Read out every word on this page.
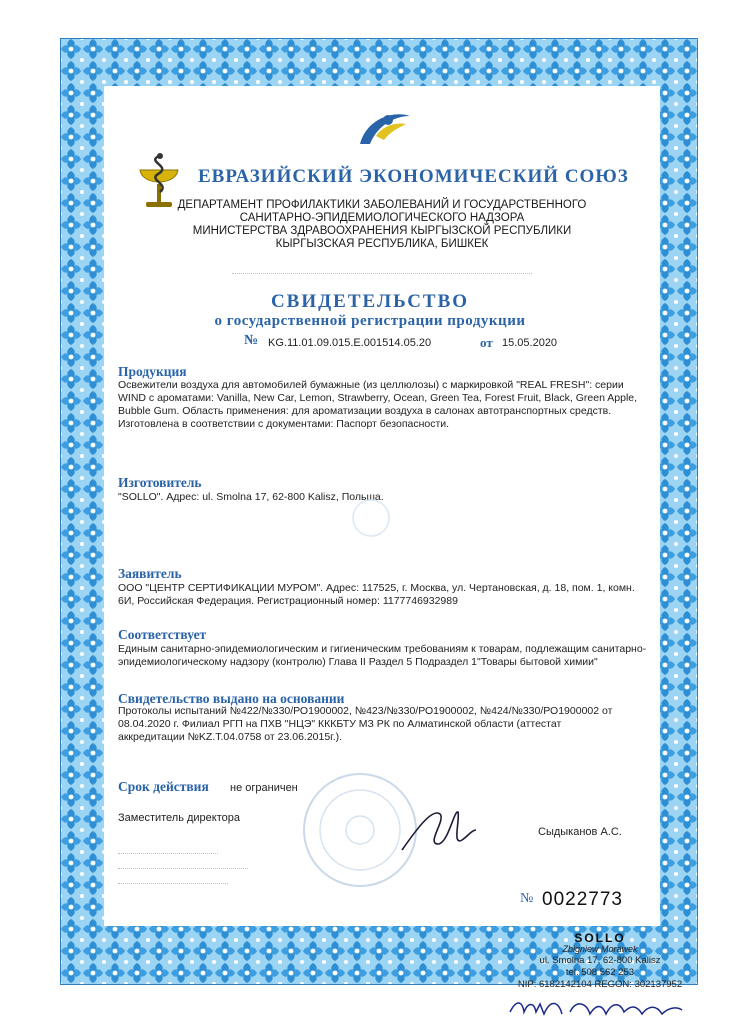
ЕВРАЗИЙСКИЙ ЭКОНОМИЧЕСКИЙ СОЮЗ
ДЕПАРТАМЕНТ ПРОФИЛАКТИКИ ЗАБОЛЕВАНИЙ И ГОСУДАРСТВЕННОГО
САНИТАРНО-ЭПИДЕМИОЛОГИЧЕСКОГО НАДЗОРА
МИНИСТЕРСТВА ЗДРАВООХРАНЕНИЯ КЫРГЫЗСКОЙ РЕСПУБЛИКИ
КЫРГЫЗСКАЯ РЕСПУБЛИКА, БИШКЕК
СВИДЕТЕЛЬСТВО
о государственной регистрации продукции
№ KG.11.01.09.015.Е.001514.05.20	от 15.05.2020
Продукция
Освежители воздуха для автомобилей бумажные (из целлюлозы) с маркировкой "REAL FRESH": серии WIND с ароматами: Vanilla, New Car, Lemon, Strawberry, Ocean, Green Tea, Forest Fruit, Black, Green Apple, Bubble Gum. Область применения: для ароматизации воздуха в салонах автотранспортных средств. Изготовлена в соответствии с документами: Паспорт безопасности.
Изготовитель
"SOLLO". Адрес: ul. Smolna 17, 62-800 Kalisz, Польша.
Заявитель
ООО "ЦЕНТР СЕРТИФИКАЦИИ МУРОМ". Адрес: 117525, г. Москва, ул. Чертановская, д. 18, пом. 1, комн. 6И, Российская Федерация. Регистрационный номер: 1177746932989
Соответствует
Единым санитарно-эпидемиологическим и гигиеническим требованиям к товарам, подлежащим санитарно-эпидемиологическому надзору (контролю) Глава II Раздел 5 Подраздел 1"Товары бытовой химии"
Свидетельство выдано на основании
Протоколы испытаний №422/№330/РО1900002, №423/№330/РО1900002, №424/№330/РО1900002 от 08.04.2020 г. Филиал РГП на ПХВ "НЦЭ" КККБТУ МЗ РК по Алматинской области (аттестат аккредитации №KZ.Т.04.0758 от 23.06.2015г.).
Срок действия не ограничен
Заместитель директора
Сыдыканов А.С.
№ 0022773
SOLLO
Zbigniew Morawek
ul. Smolna 17, 62-800 Kalisz
tel. 508 562 253
NIP: 6182142104 REGON: 302137952
